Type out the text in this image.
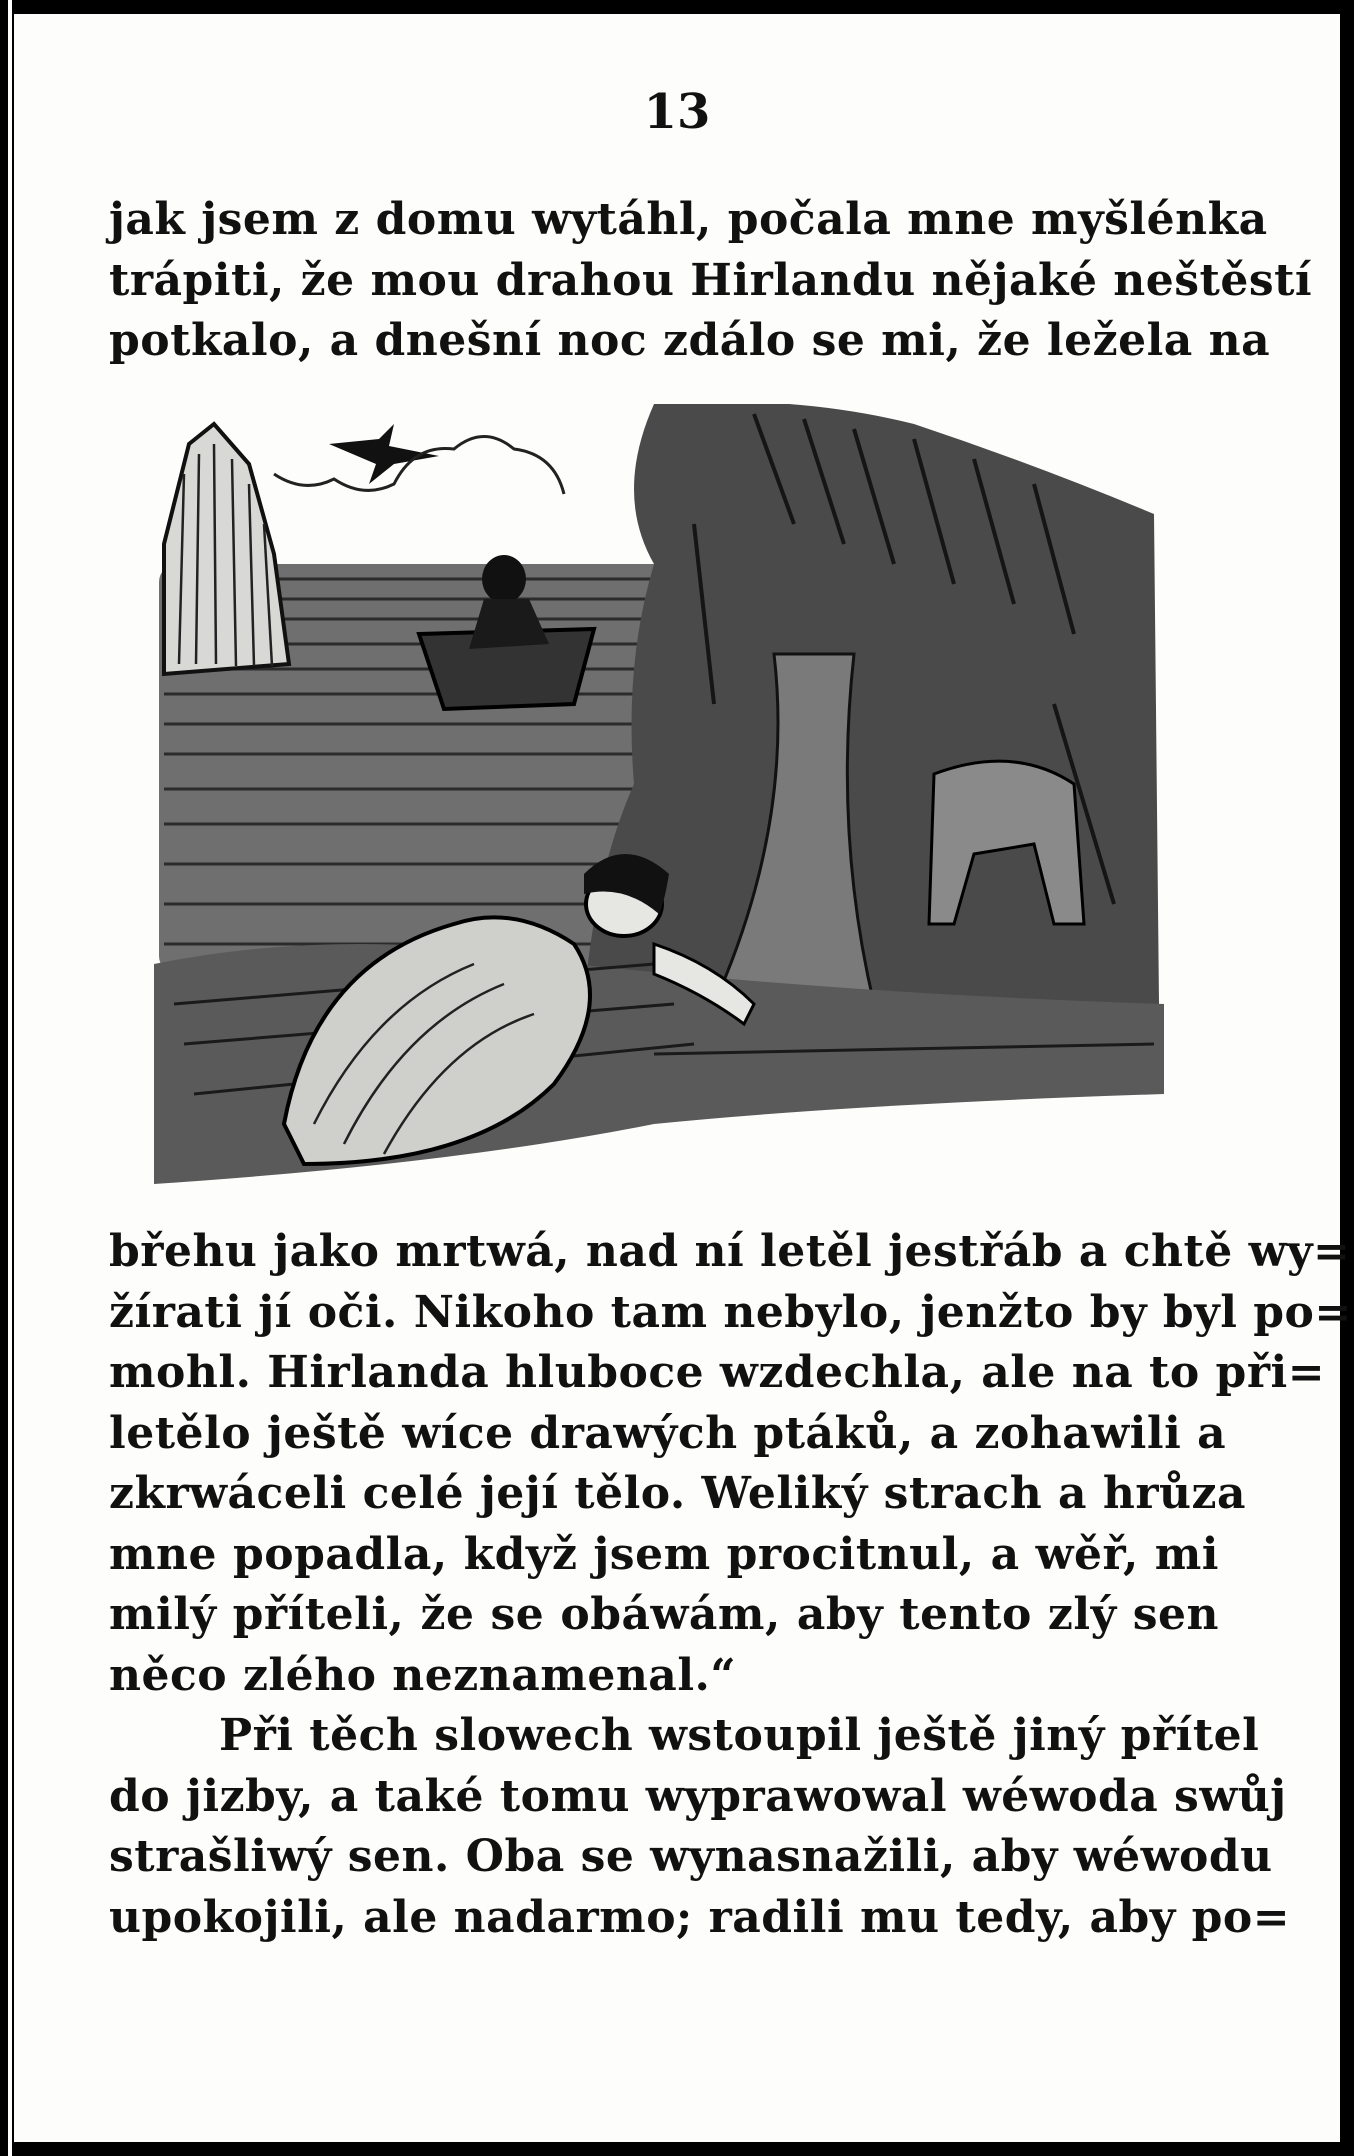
13
jak jsem z domu wytáhl, počala mne myšlénka
trápiti, že mou drahou Hirlandu nějaké neštěstí
potkalo, a dnešní noc zdálo se mi, že ležela na
břehu jako mrtwá, nad ní letěl jestřáb a chtě wy=
žírati jí oči. Nikoho tam nebylo, jenžto by byl po=
mohl. Hirlanda hluboce wzdechla, ale na to při=
letělo ještě wíce drawých ptáků, a zohawili a
zkrwáceli celé její tělo. Weliký strach a hrůza
mne popadla, když jsem procitnul, a wěř, mi
milý příteli, že se obáwám, aby tento zlý sen
něco zlého neznamenal.“
Při těch slowech wstoupil ještě jiný přítel
do jizby, a také tomu wyprawowal wéwoda swůj
strašliwý sen. Oba se wynasnažili, aby wéwodu
upokojili, ale nadarmo; radili mu tedy, aby po=
